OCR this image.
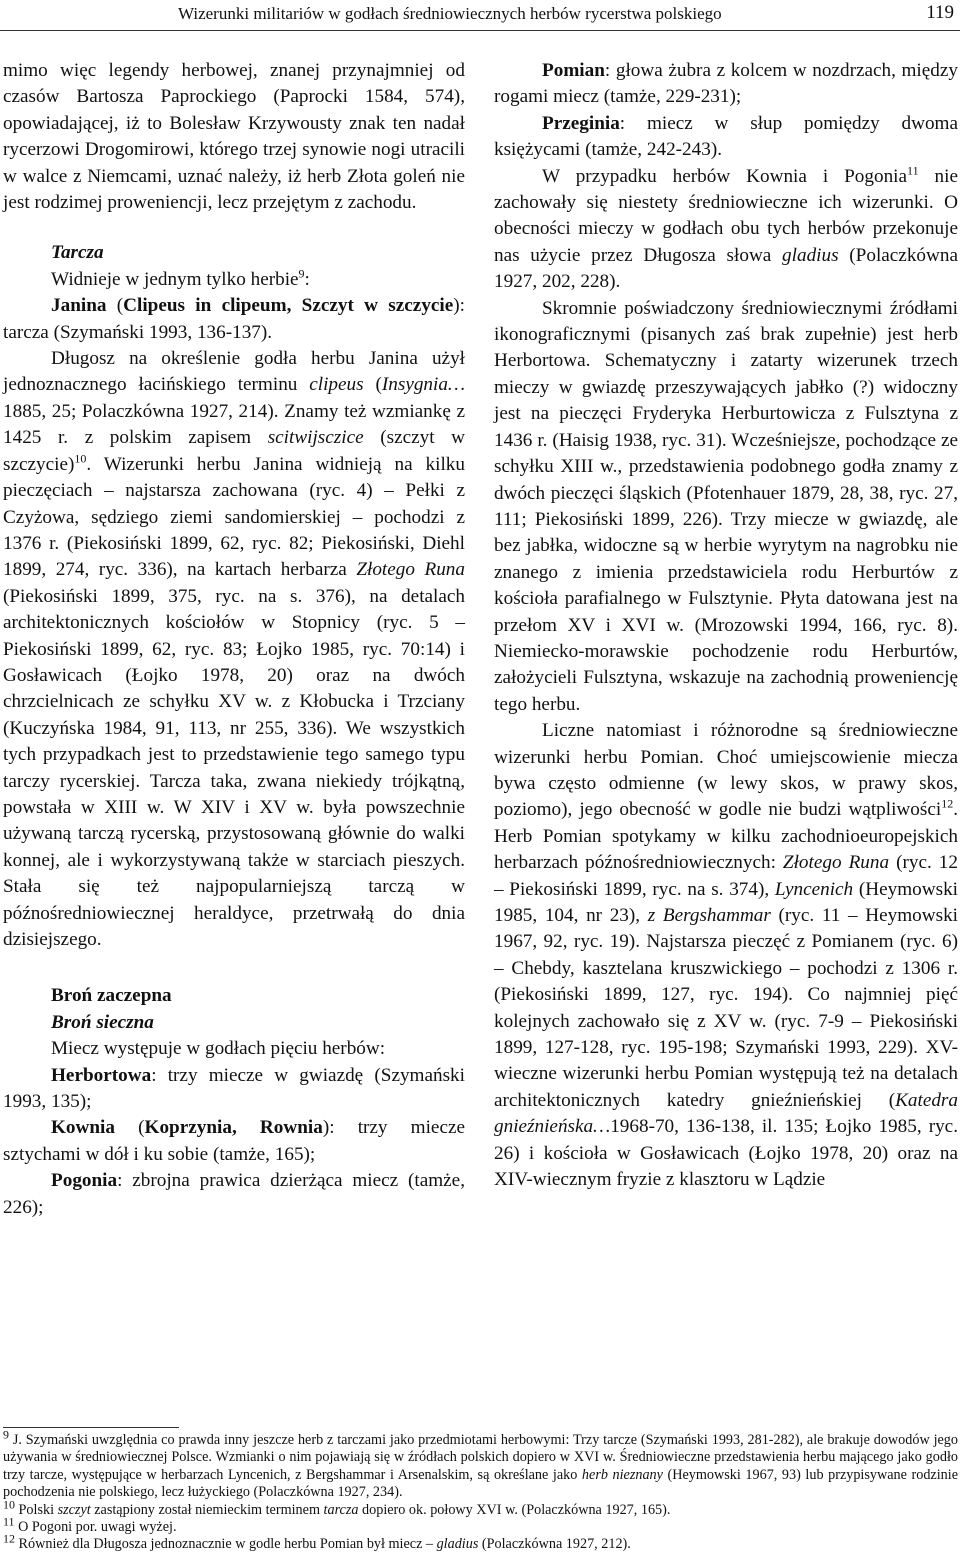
Wizerunki militariów w godłach średniowiecznych herbów rycerstwa polskiego	119

mimo więc legendy herbowej, znanej przynajmniej od czasów Bartosza Paprockiego (Paprocki 1584, 574), opowiadającej, iż to Bolesław Krzywousty znak ten nadał rycerzowi Drogomirowi, którego trzej synowie nogi utracili w walce z Niemcami, uznać należy, iż herb Złota goleń nie jest rodzimej proweniencji, lecz przejętym z zachodu.

Tarcza

Widnieje w jednym tylko herbie$^9$:

Janina (Clipeus in clipeum, Szczyt w szczycie): tarcza (Szymański 1993, 136-137).

Długosz na określenie godła herbu Janina użył jednoznacznego łacińskiego terminu clipeus (Insygnia…1885, 25; Polaczkówna 1927, 214). Znamy też wzmiankę z 1425 r. z polskim zapisem scitwijsczice (szczyt w szczycie)$^{10}$. Wizerunki herbu Janina widnieją na kilku pieczęciach – najstarsza zachowana (ryc. 4) – Pełki z Czyżowa, sędziego ziemi sandomierskiej – pochodzi z 1376 r. (Piekosiński 1899, 62, ryc. 82; Piekosiński, Diehl 1899, 274, ryc. 336), na kartach herbarza Złotego Runa (Piekosiński 1899, 375, ryc. na s. 376), na detalach architektonicznych kościołów w Stopnicy (ryc. 5 – Piekosiński 1899, 62, ryc. 83; Łojko 1985, ryc. 70:14) i Gosławicach (Łojko 1978, 20) oraz na dwóch chrzcielnicach ze schyłku XV w. z Kłobucka i Trzciany (Kuczyńska 1984, 91, 113, nr 255, 336). We wszystkich tych przypadkach jest to przedstawienie tego samego typu tarczy rycerskiej. Tarcza taka, zwana niekiedy trójkątną, powstała w XIII w. W XIV i XV w. była powszechnie używaną tarczą rycerską, przystosowaną głównie do walki konnej, ale i wykorzystywaną także w starciach pieszych. Stała się też najpopularniejszą tarczą w późnośredniowiecznej heraldyce, przetrwałą do dnia dzisiejszego.

Broń zaczepna
Broń sieczna

Miecz występuje w godłach pięciu herbów:

Herbortowa: trzy miecze w gwiazdę (Szymański 1993, 135);

Kownia (Koprzynia, Rownia): trzy miecze sztychami w dół i ku sobie (tamże, 165);

Pogonia: zbrojna prawica dzierżąca miecz (tamże, 226);

Pomian: głowa żubra z kolcem w nozdrzach, między rogami miecz (tamże, 229-231);

Przeginia: miecz w słup pomiędzy dwoma księżycami (tamże, 242-243).

W przypadku herbów Kownia i Pogonia$^{11}$ nie zachowały się niestety średniowieczne ich wizerunki. O obecności mieczy w godłach obu tych herbów przekonuje nas użycie przez Długosza słowa gladius (Polaczkówna 1927, 202, 228).

Skromnie poświadczony średniowiecznymi źródłami ikonograficznymi (pisanych zaś brak zupełnie) jest herb Herbortowa. Schematyczny i zatarty wizerunek trzech mieczy w gwiazdę przeszywających jabłko (?) widoczny jest na pieczęci Fryderyka Herburtowicza z Fulsztyna z 1436 r. (Haisig 1938, ryc. 31). Wcześniejsze, pochodzące ze schyłku XIII w., przedstawienia podobnego godła znamy z dwóch pieczęci śląskich (Pfotenhauer 1879, 28, 38, ryc. 27, 111; Piekosiński 1899, 226). Trzy miecze w gwiazdę, ale bez jabłka, widoczne są w herbie wyrytym na nagrobku nie znanego z imienia przedstawiciela rodu Herburtów z kościoła parafialnego w Fulsztynie. Płyta datowana jest na przełom XV i XVI w. (Mrozowski 1994, 166, ryc. 8). Niemiecko-morawskie pochodzenie rodu Herburtów, założycieli Fulsztyna, wskazuje na zachodnią proweniencję tego herbu.

Liczne natomiast i różnorodne są średniowieczne wizerunki herbu Pomian. Choć umiejscowienie miecza bywa często odmienne (w lewy skos, w prawy skos, poziomo), jego obecność w godle nie budzi wątpliwości$^{12}$. Herb Pomian spotykamy w kilku zachodnioeuropejskich herbarzach późnośredniowiecznych: Złotego Runa (ryc. 12 – Piekosiński 1899, ryc. na s. 374), Lyncenich (Heymowski 1985, 104, nr 23), z Bergshammar (ryc. 11 – Heymowski 1967, 92, ryc. 19). Najstarsza pieczęć z Pomianem (ryc. 6) – Chebdy, kasztelana kruszwickiego – pochodzi z 1306 r. (Piekosiński 1899, 127, ryc. 194). Co najmniej pięć kolejnych zachowało się z XV w. (ryc. 7-9 – Piekosiński 1899, 127-128, ryc. 195-198; Szymański 1993, 229). XV-wieczne wizerunki herbu Pomian występują też na detalach architektonicznych katedry gnieźnieńskiej (Katedra gnieźnieńska…1968-70, 136-138, il. 135; Łojko 1985, ryc. 26) i kościoła w Gosławicach (Łojko 1978, 20) oraz na XIV-wiecznym fryzie z klasztoru w Lądzie

$^9$ J. Szymański uwzględnia co prawda inny jeszcze herb z tarczami jako przedmiotami herbowymi: Trzy tarcze (Szymański 1993, 281-282), ale brakuje dowodów jego używania w średniowiecznej Polsce. Wzmianki o nim pojawiają się w źródłach polskich dopiero w XVI w. Średniowieczne przedstawienia herbu mającego jako godło trzy tarcze, występujące w herbarzach Lyncenich, z Bergshammar i Arsenalskim, są określane jako herb nieznany (Heymowski 1967, 93) lub przypisywane rodzinie pochodzenia nie polskiego, lecz łużyckiego (Polaczkówna 1927, 234).

$^{10}$ Polski szczyt zastąpiony został niemieckim terminem tarcza dopiero ok. połowy XVI w. (Polaczkówna 1927, 165).

$^{11}$ O Pogoni por. uwagi wyżej.

$^{12}$ Również dla Długosza jednoznacznie w godle herbu Pomian był miecz – gladius (Polaczkówna 1927, 212).
